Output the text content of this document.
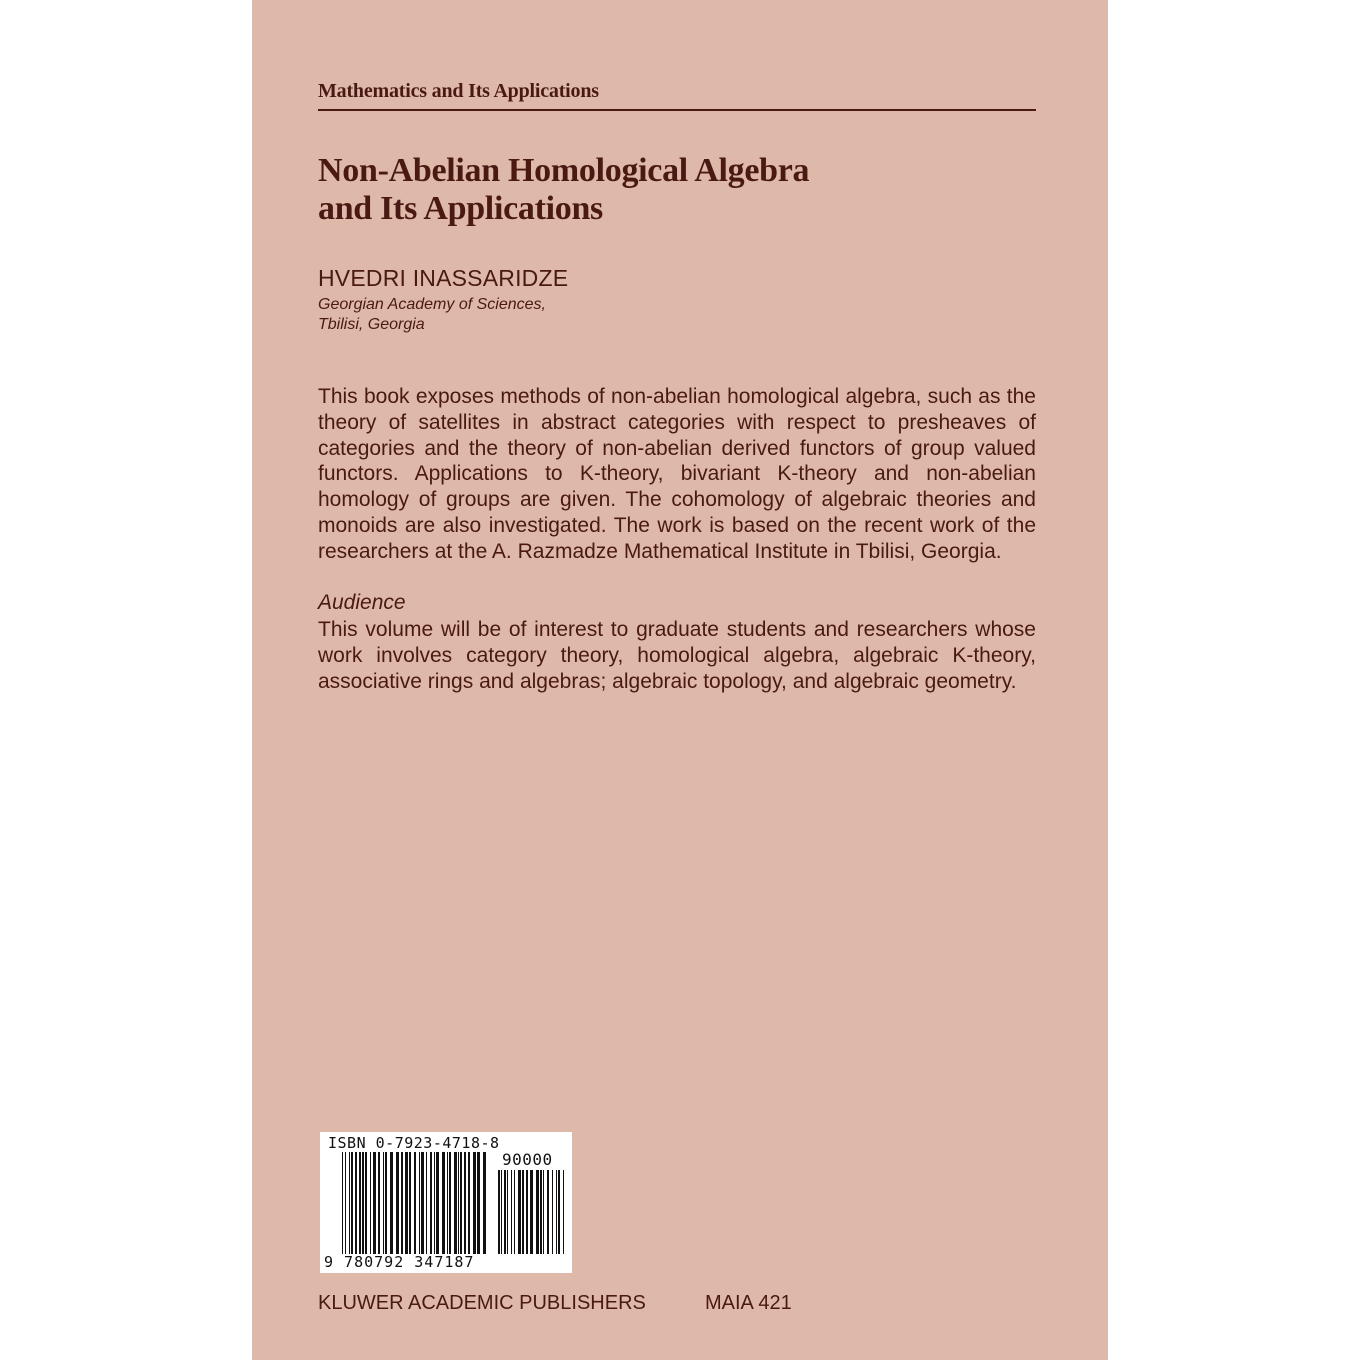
Mathematics and Its Applications
Non-Abelian Homological Algebra
and Its Applications
HVEDRI INASSARIDZE
Georgian Academy of Sciences,
Tbilisi, Georgia
This book exposes methods of non-abelian homological algebra, such as the theory of satellites in abstract categories with respect to presheaves of categories and the theory of non-abelian derived functors of group valued functors. Applications to K-theory, bivariant K-theory and non-abelian homology of groups are given. The cohomology of algebraic theories and monoids are also investigated. The work is based on the recent work of the researchers at the A. Razmadze Mathematical Institute in Tbilisi, Georgia.
Audience
This volume will be of interest to graduate students and researchers whose work involves category theory, homological algebra, algebraic K-theory, associative rings and algebras; algebraic topology, and algebraic geometry.
ISBN 0-7923-4718-8
90000
9 780792 347187
KLUWER ACADEMIC PUBLISHERS	MAIA 421
